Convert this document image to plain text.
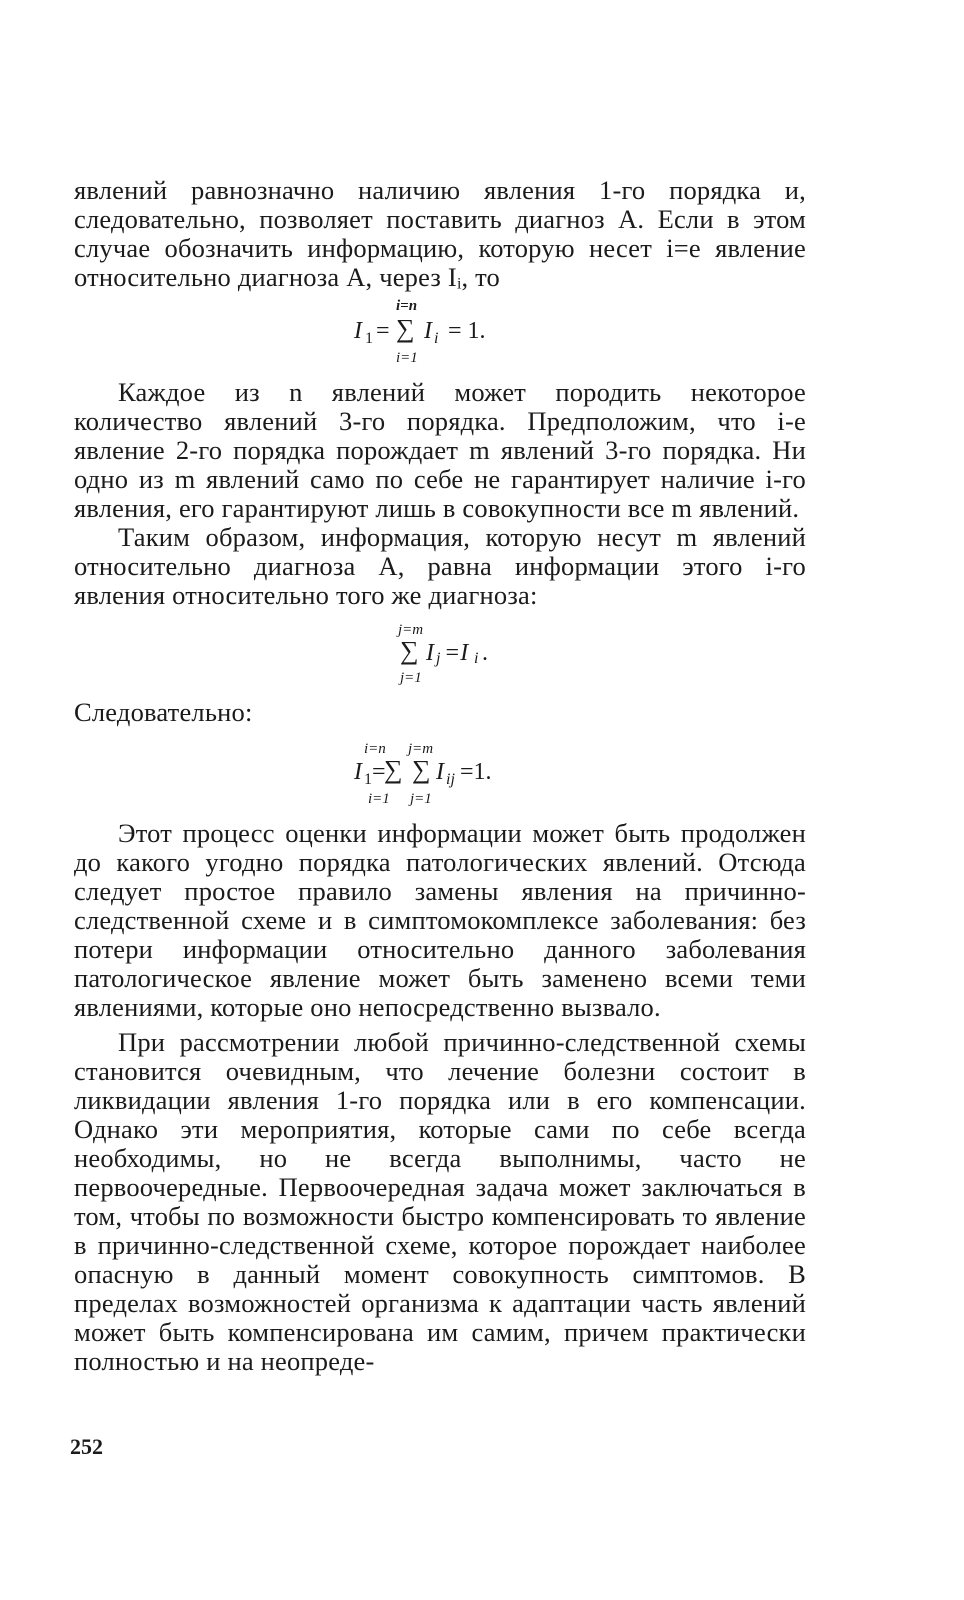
явлений равнозначно наличию явления 1-го порядка и, следовательно, позволяет поставить диагноз A. Если в этом случае обозначить информацию, которую несет i=е явление относительно диагноза A, через Iᵢ, то

i=n
I 1 = ∑ I i = 1.
i=1

Каждое из n явлений может породить некоторое количество явлений 3-го порядка. Предположим, что i-е явление 2-го порядка порождает m явлений 3-го порядка. Ни одно из m явлений само по себе не гарантирует наличие i-го явления, его гарантируют лишь в совокупности все m явлений.

Таким образом, информация, которую несут m явлений относительно диагноза A, равна информации этого i-го явления относительно того же диагноза:

j=m
∑ I j =I i .
j=1

Следовательно:

i=n j=m
I 1 =
∑ ∑ I ij =1.
i=1 j=1

Этот процесс оценки информации может быть продолжен до какого угодно порядка патологических явлений. Отсюда следует простое правило замены явления на причинно-следственной схеме и в симптомокомплексе заболевания: без потери информации относительно данного заболевания патологическое явление может быть заменено всеми теми явлениями, которые оно непосредственно вызвало.

При рассмотрении любой причинно-следственной схемы становится очевидным, что лечение болезни состоит в ликвидации явления 1-го порядка или в его компенсации. Однако эти мероприятия, которые сами по себе всегда необходимы, но не всегда выполнимы, часто не первоочередные. Первоочередная задача может заключаться в том, чтобы по возможности быстро компенсировать то явление в причинно-следственной схеме, которое порождает наиболее опасную в данный момент совокупность симптомов. В пределах возможностей организма к адаптации часть явлений может быть компенсирована им самим, причем практически полностью и на неопреде-

252
